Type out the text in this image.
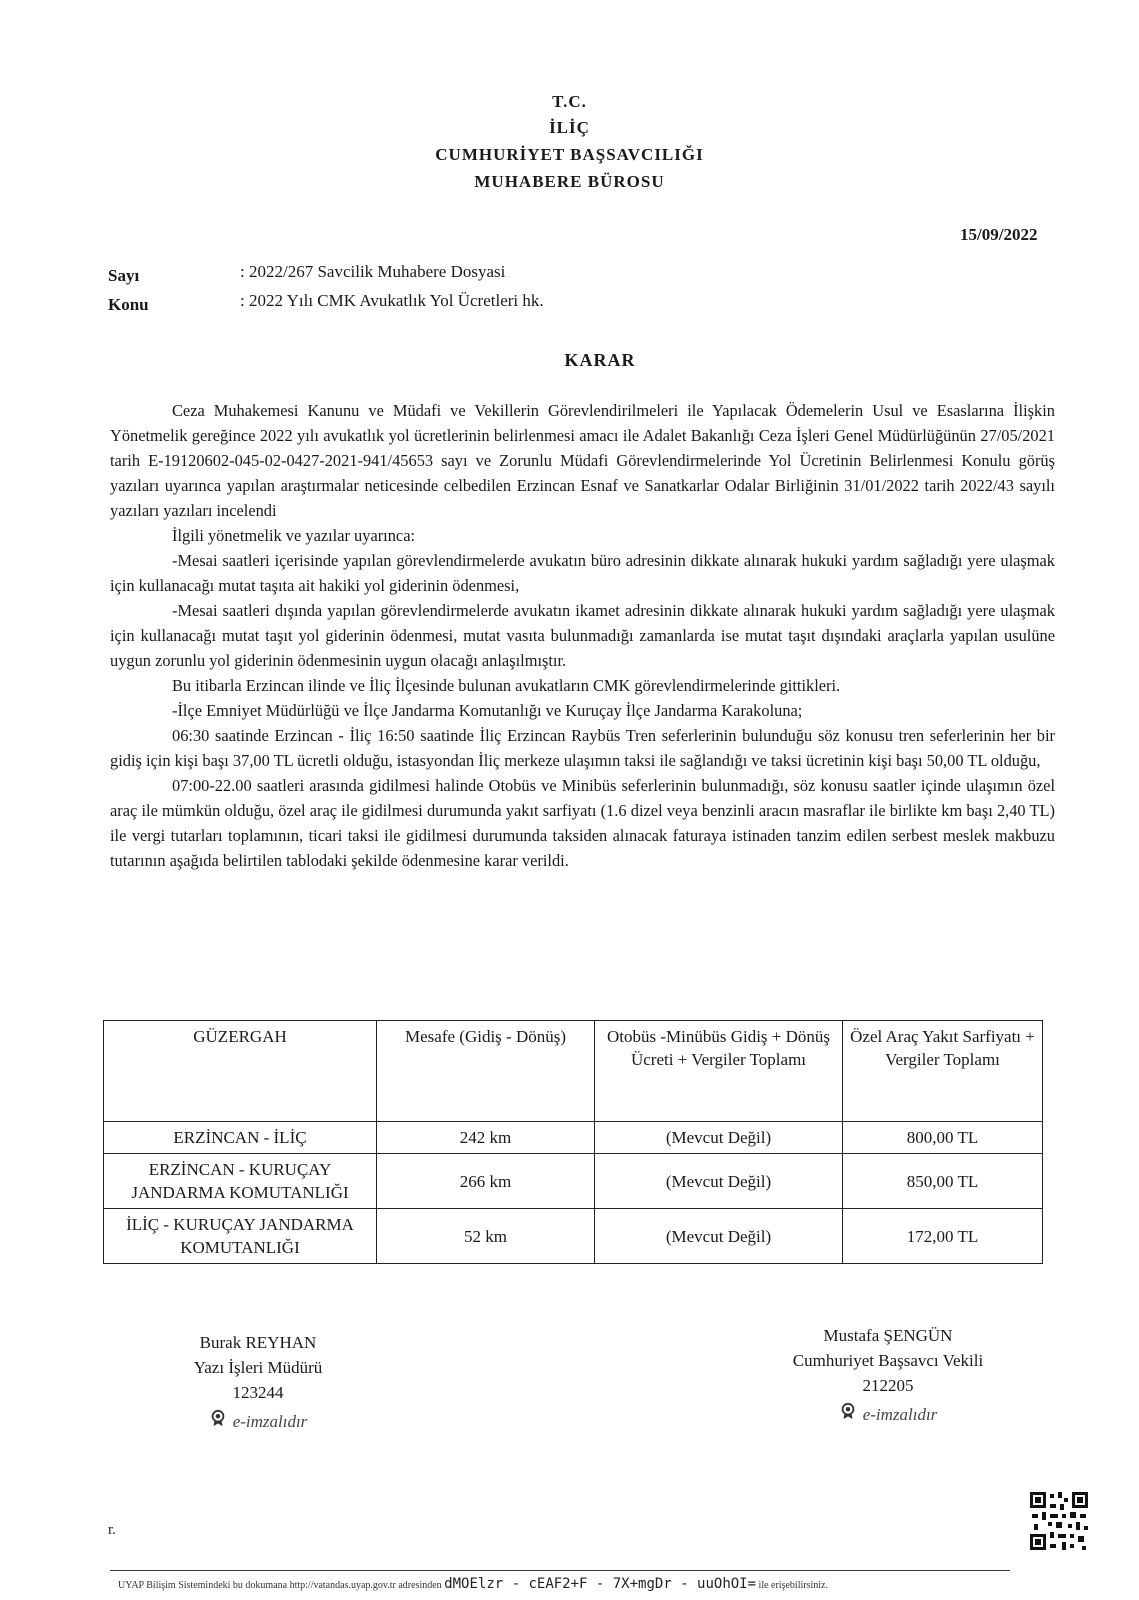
T.C.
İLİÇ
CUMHURİYET BAŞSAVCILIĞI
MUHABERE BÜROSU
15/09/2022
Sayı	: 2022/267 Savcilik Muhabere Dosyasi
Konu	: 2022 Yılı CMK Avukatlık Yol Ücretleri hk.
KARAR

Ceza Muhakemesi Kanunu ve Müdafi ve Vekillerin Görevlendirilmeleri ile Yapılacak Ödemelerin Usul ve Esaslarına İlişkin Yönetmelik gereğince 2022 yılı avukatlık yol ücretlerinin belirlenmesi amacı ile Adalet Bakanlığı Ceza İşleri Genel Müdürlüğünün 27/05/2021 tarih E-19120602-045-02-0427-2021-941/45653 sayı ve Zorunlu Müdafi Görevlendirmelerinde Yol Ücretinin Belirlenmesi Konulu görüş yazıları uyarınca yapılan araştırmalar neticesinde celbedilen Erzincan Esnaf ve Sanatkarlar Odalar Birliğinin 31/01/2022 tarih 2022/43 sayılı yazıları yazıları incelendi

İlgili yönetmelik ve yazılar uyarınca:

-Mesai saatleri içerisinde yapılan görevlendirmelerde avukatın büro adresinin dikkate alınarak hukuki yardım sağladığı yere ulaşmak için kullanacağı mutat taşıta ait hakiki yol giderinin ödenmesi,

-Mesai saatleri dışında yapılan görevlendirmelerde avukatın ikamet adresinin dikkate alınarak hukuki yardım sağladığı yere ulaşmak için kullanacağı mutat taşıt yol giderinin ödenmesi, mutat vasıta bulunmadığı zamanlarda ise mutat taşıt dışındaki araçlarla yapılan usulüne uygun zorunlu yol giderinin ödenmesinin uygun olacağı anlaşılmıştır.

Bu itibarla Erzincan ilinde ve İliç İlçesinde bulunan avukatların CMK görevlendirmelerinde gittikleri.

-İlçe Emniyet Müdürlüğü ve İlçe Jandarma Komutanlığı ve Kuruçay İlçe Jandarma Karakoluna;

06:30 saatinde Erzincan - İliç 16:50 saatinde İliç Erzincan Raybüs Tren seferlerinin bulunduğu söz konusu tren seferlerinin her bir gidiş için kişi başı 37,00 TL ücretli olduğu, istasyondan İliç merkeze ulaşımın taksi ile sağlandığı ve taksi ücretinin kişi başı 50,00 TL olduğu,

07:00-22.00 saatleri arasında gidilmesi halinde Otobüs ve Minibüs seferlerinin bulunmadığı, söz konusu saatler içinde ulaşımın özel araç ile mümkün olduğu, özel araç ile gidilmesi durumunda yakıt sarfiyatı (1.6 dizel veya benzinli aracın masraflar ile birlikte km başı 2,40 TL) ile vergi tutarları toplamının, ticari taksi ile gidilmesi durumunda taksiden alınacak faturaya istinaden tanzim edilen serbest meslek makbuzu tutarının aşağıda belirtilen tablodaki şekilde ödenmesine karar verildi.

GÜZERGAH	Mesafe (Gidiş - Dönüş)	Otobüs -Minübüs Gidiş + Dönüş Ücreti + Vergiler Toplamı	Özel Araç Yakıt Sarfiyatı + Vergiler Toplamı
ERZİNCAN - İLİÇ	242 km	(Mevcut Değil)	800,00 TL
ERZİNCAN - KURUÇAY JANDARMA KOMUTANLIĞI	266 km	(Mevcut Değil)	850,00 TL
İLİÇ - KURUÇAY JANDARMA KOMUTANLIĞI	52 km	(Mevcut Değil)	172,00 TL
Burak REYHAN
Yazı İşleri Müdürü
123244
e-imzalıdır
Mustafa ŞENGÜN
Cumhuriyet Başsavcı Vekili
212205
e-imzalıdır
r.
UYAP Bilişim Sistemindeki bu dokumana http://vatandas.uyap.gov.tr adresinden dMOElzr - cEAF2+F - 7X+mgDr - uuOhOI= ile erişebilirsiniz.
